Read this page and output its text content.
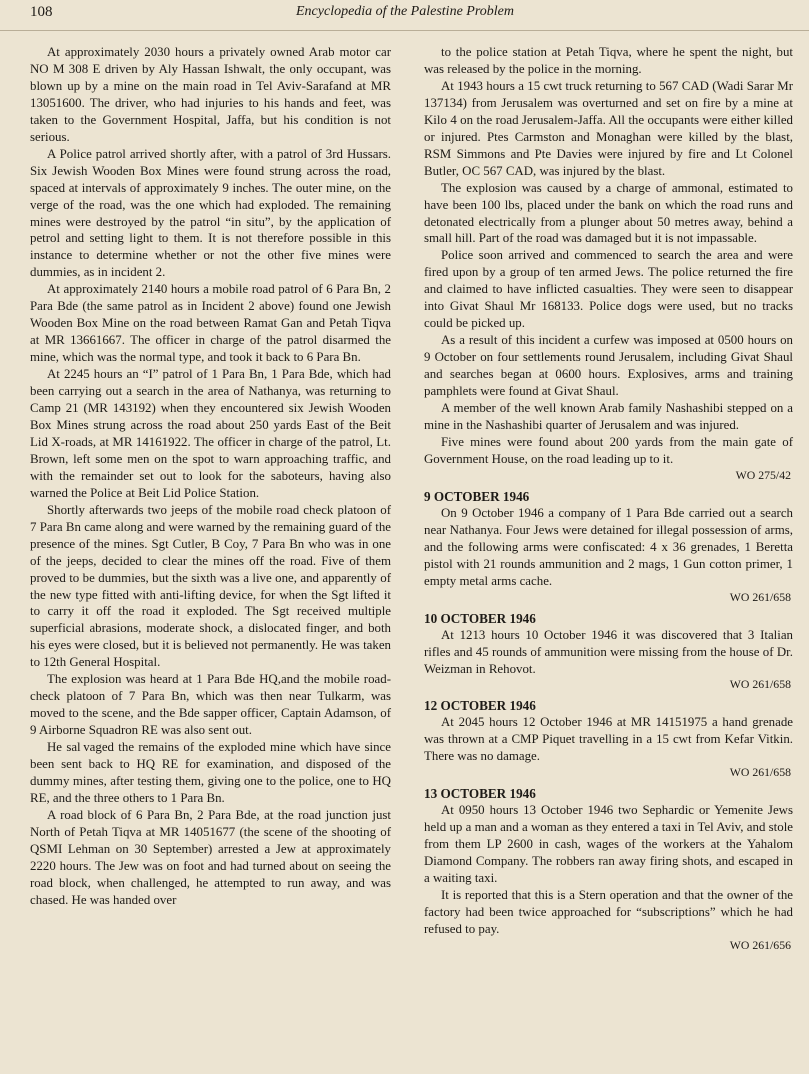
108	Encyclopedia of the Palestine Problem

At approximately 2030 hours a privately owned Arab motor car NO M 308 E driven by Aly Hassan Ishwalt, the only occupant, was blown up by a mine on the main road in Tel Aviv-Sarafand at MR 13051600. The driver, who had injuries to his hands and feet, was taken to the Government Hospital, Jaffa, but his condition is not serious.

A Police patrol arrived shortly after, with a patrol of 3rd Hussars. Six Jewish Wooden Box Mines were found strung across the road, spaced at intervals of approximately 9 inches. The outer mine, on the verge of the road, was the one which had exploded. The remaining mines were destroyed by the patrol “in situ”, by the application of petrol and setting light to them. It is not therefore possible in this instance to determine whether or not the other five mines were dummies, as in incident 2.

At approximately 2140 hours a mobile road patrol of 6 Para Bn, 2 Para Bde (the same patrol as in Incident 2 above) found one Jewish Wooden Box Mine on the road between Ramat Gan and Petah Tiqva at MR 13661667. The officer in charge of the patrol disarmed the mine, which was the normal type, and took it back to 6 Para Bn.

At 2245 hours an “I” patrol of 1 Para Bn, 1 Para Bde, which had been carrying out a search in the area of Nathanya, was returning to Camp 21 (MR 143192) when they encountered six Jewish Wooden Box Mines strung across the road about 250 yards East of the Beit Lid X-roads, at MR 14161922. The officer in charge of the patrol, Lt. Brown, left some men on the spot to warn approaching traffic, and with the remainder set out to look for the saboteurs, having also warned the Police at Beit Lid Police Station.

Shortly afterwards two jeeps of the mobile road check platoon of 7 Para Bn came along and were warned by the remaining guard of the presence of the mines. Sgt Cutler, B Coy, 7 Para Bn who was in one of the jeeps, decided to clear the mines off the road. Five of them proved to be dummies, but the sixth was a live one, and apparently of the new type fitted with anti-lifting device, for when the Sgt lifted it to carry it off the road it exploded. The Sgt received multiple superficial abrasions, moderate shock, a dislocated finger, and both his eyes were closed, but it is believed not permanently. He was taken to 12th General Hospital.

The explosion was heard at 1 Para Bde HQ,and the mobile road-check platoon of 7 Para Bn, which was then near Tulkarm, was moved to the scene, and the Bde sapper officer, Captain Adamson, of 9 Airborne Squadron RE was also sent out.

He sal vaged the remains of the exploded mine which have since been sent back to HQ RE for examination, and disposed of the dummy mines, after testing them, giving one to the police, one to HQ RE, and the three others to 1 Para Bn.

A road block of 6 Para Bn, 2 Para Bde, at the road junction just North of Petah Tiqva at MR 14051677 (the scene of the shooting of QSMI Lehman on 30 September) arrested a Jew at approximately 2220 hours. The Jew was on foot and had turned about on seeing the road block, when challenged, he attempted to run away, and was chased. He was handed over

to the police station at Petah Tiqva, where he spent the night, but was released by the police in the morning.

At 1943 hours a 15 cwt truck returning to 567 CAD (Wadi Sarar Mr 137134) from Jerusalem was overturned and set on fire by a mine at Kilo 4 on the road Jerusalem-Jaffa. All the occupants were either killed or injured. Ptes Carmston and Monaghan were killed by the blast, RSM Simmons and Pte Davies were injured by fire and Lt Colonel Butler, OC 567 CAD, was injured by the blast.

The explosion was caused by a charge of ammonal, estimated to have been 100 lbs, placed under the bank on which the road runs and detonated electrically from a plunger about 50 metres away, behind a small hill. Part of the road was damaged but it is not impassable.

Police soon arrived and commenced to search the area and were fired upon by a group of ten armed Jews. The police returned the fire and claimed to have inflicted casualties. They were seen to disappear into Givat Shaul Mr 168133. Police dogs were used, but no tracks could be picked up.

As a result of this incident a curfew was imposed at 0500 hours on 9 October on four settlements round Jerusalem, including Givat Shaul and searches began at 0600 hours. Explosives, arms and training pamphlets were found at Givat Shaul.

A member of the well known Arab family Nashashibi stepped on a mine in the Nashashibi quarter of Jerusalem and was injured.

Five mines were found about 200 yards from the main gate of Government House, on the road leading up to it.

WO 275/42

9 OCTOBER 1946

On 9 October 1946 a company of 1 Para Bde carried out a search near Nathanya. Four Jews were detained for illegal possession of arms, and the following arms were confiscated: 4 x 36 grenades, 1 Beretta pistol with 21 rounds ammunition and 2 mags, 1 Gun cotton primer, 1 empty metal arms cache.

WO 261/658

10 OCTOBER 1946

At 1213 hours 10 October 1946 it was discovered that 3 Italian rifles and 45 rounds of ammunition were missing from the house of Dr. Weizman in Rehovot.

WO 261/658

12 OCTOBER 1946

At 2045 hours 12 October 1946 at MR 14151975 a hand grenade was thrown at a CMP Piquet travelling in a 15 cwt from Kefar Vitkin. There was no damage.

WO 261/658

13 OCTOBER 1946

At 0950 hours 13 October 1946 two Sephardic or Yemenite Jews held up a man and a woman as they entered a taxi in Tel Aviv, and stole from them LP 2600 in cash, wages of the workers at the Yahalom Diamond Company. The robbers ran away firing shots, and escaped in a waiting taxi.

It is reported that this is a Stern operation and that the owner of the factory had been twice approached for “subscriptions” which he had refused to pay.

WO 261/656
